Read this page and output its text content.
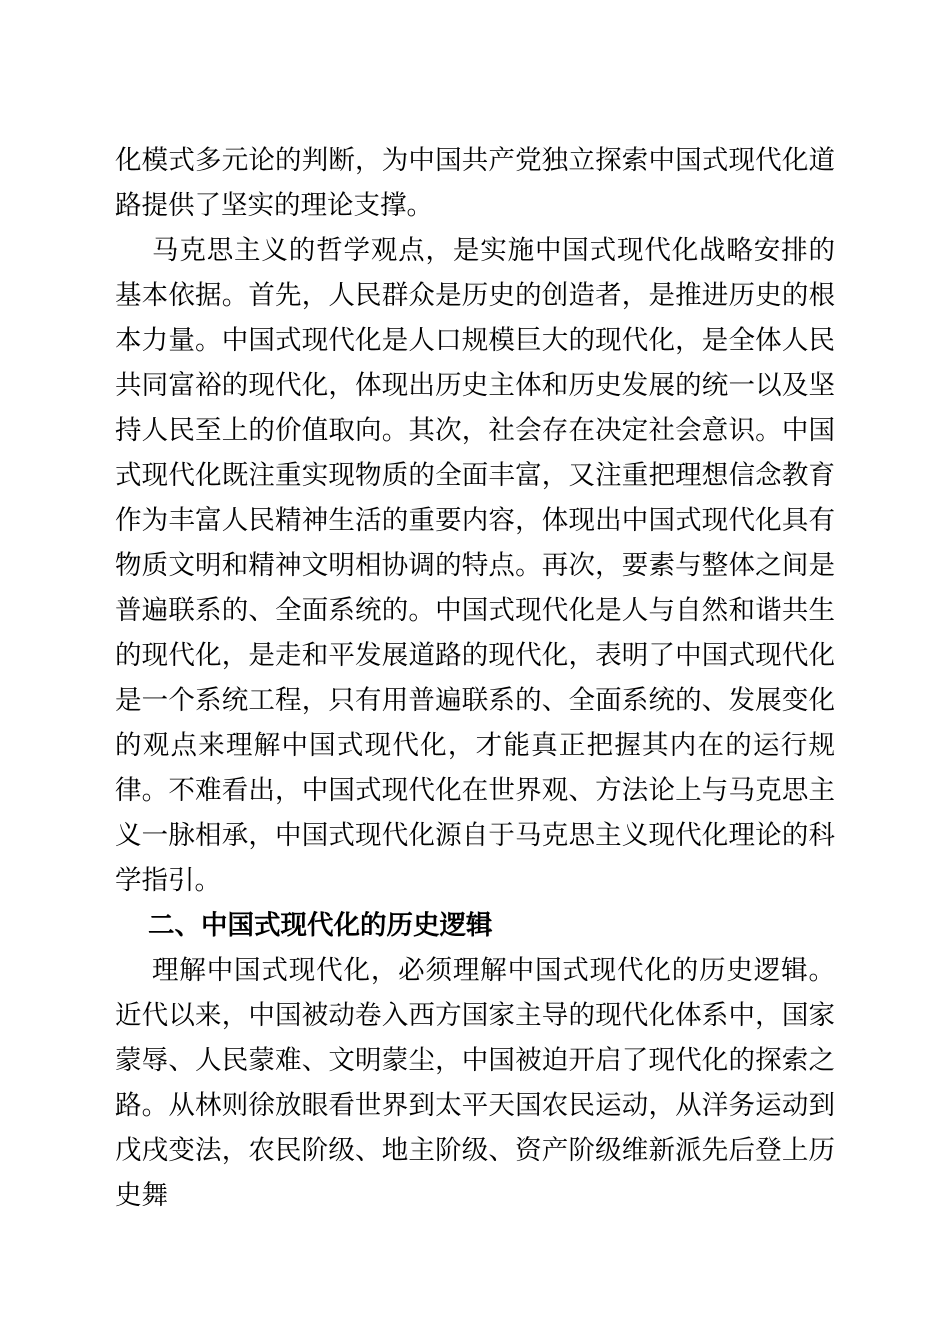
化模式多元论的判断，为中国共产党独立探索中国式现代化道路提供了坚实的理论支撑。

马克思主义的哲学观点，是实施中国式现代化战略安排的基本依据。首先，人民群众是历史的创造者，是推进历史的根本力量。中国式现代化是人口规模巨大的现代化，是全体人民共同富裕的现代化，体现出历史主体和历史发展的统一以及坚持人民至上的价值取向。其次，社会存在决定社会意识。中国式现代化既注重实现物质的全面丰富，又注重把理想信念教育作为丰富人民精神生活的重要内容，体现出中国式现代化具有物质文明和精神文明相协调的特点。再次，要素与整体之间是普遍联系的、全面系统的。中国式现代化是人与自然和谐共生的现代化，是走和平发展道路的现代化，表明了中国式现代化是一个系统工程，只有用普遍联系的、全面系统的、发展变化的观点来理解中国式现代化，才能真正把握其内在的运行规律。不难看出，中国式现代化在世界观、方法论上与马克思主义一脉相承，中国式现代化源自于马克思主义现代化理论的科学指引。

二、中国式现代化的历史逻辑

理解中国式现代化，必须理解中国式现代化的历史逻辑。近代以来，中国被动卷入西方国家主导的现代化体系中，国家蒙辱、人民蒙难、文明蒙尘，中国被迫开启了现代化的探索之路。从林则徐放眼看世界到太平天国农民运动，从洋务运动到戊戌变法，农民阶级、地主阶级、资产阶级维新派先后登上历史舞
